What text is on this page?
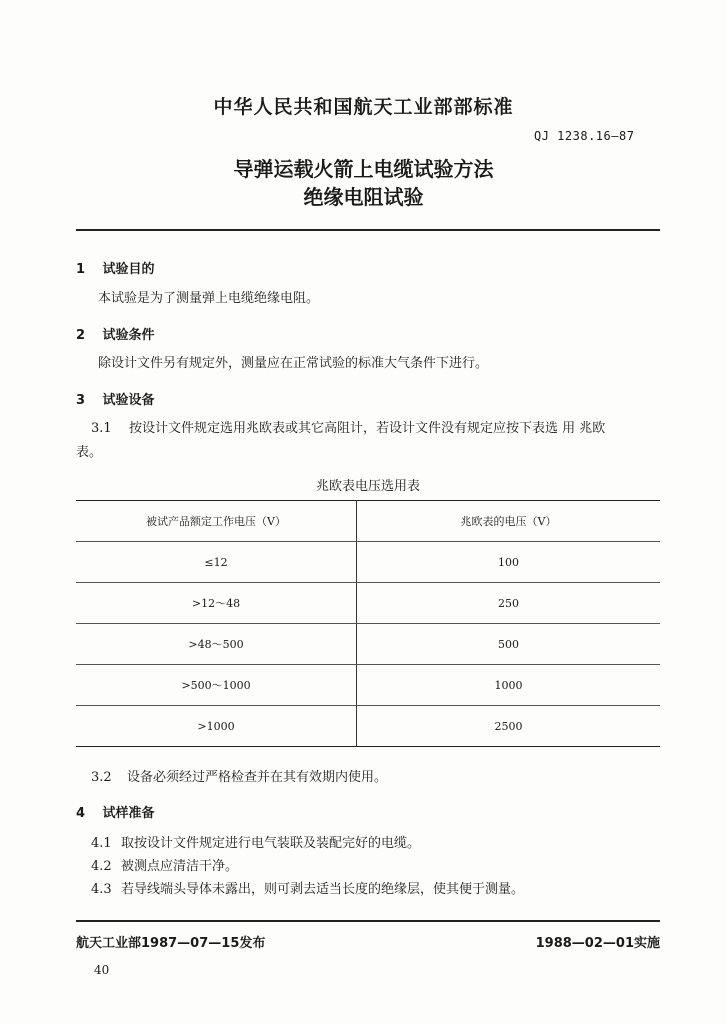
中华人民共和国航天工业部部标准
QJ 1238.16—87
导弹运载火箭上电缆试验方法
绝缘电阻试验
1 试验目的
本试验是为了测量弹上电缆绝缘电阻。
2 试验条件
除设计文件另有规定外，测量应在正常试验的标准大气条件下进行。
3 试验设备
3.1 按设计文件规定选用兆欧表或其它高阻计，若设计文件没有规定应按下表选 用 兆欧
表。
兆欧表电压选用表
被试产品额定工作电压（V）	兆欧表的电压（V）
≤12	100
>12～48	250
>48～500	500
>500～1000	1000
>1000	2500
3.2 设备必须经过严格检查并在其有效期内使用。
4 试样准备
4.1 取按设计文件规定进行电气装联及装配完好的电缆。
4.2 被测点应清洁干净。
4.3 若导线端头导体未露出，则可剥去适当长度的绝缘层，使其便于测量。
航天工业部1987—07—15发布	1988—02—01实施
40
